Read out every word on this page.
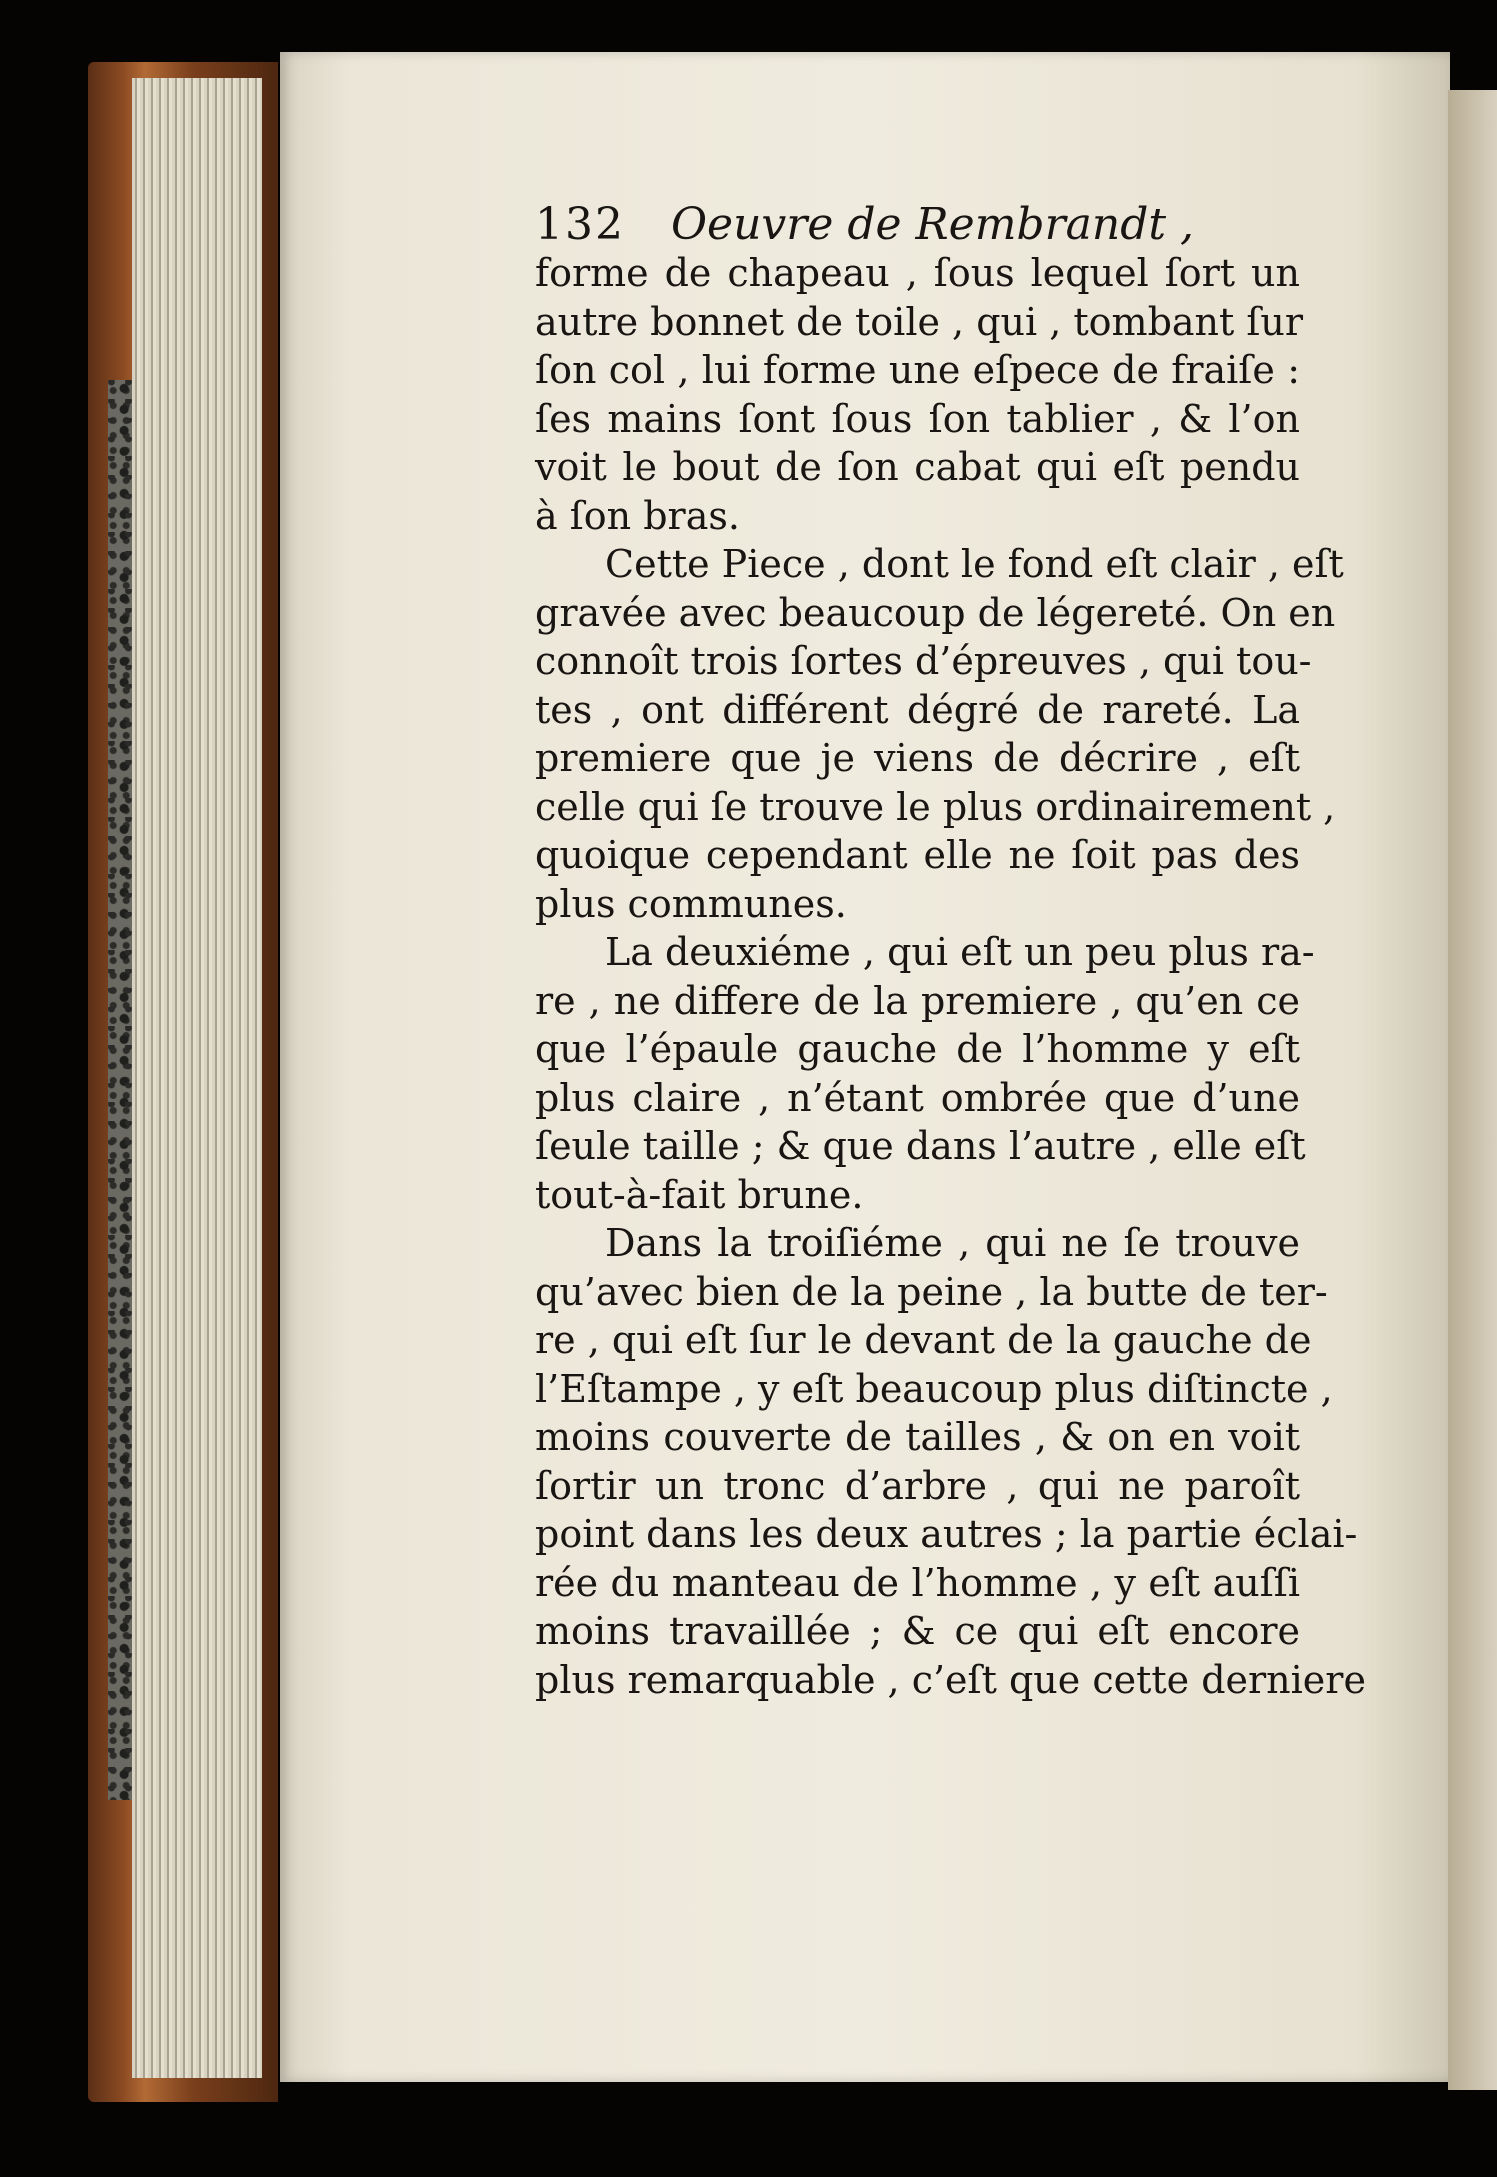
132 Oeuvre de Rembrandt ,
forme de chapeau , ſous lequel ſort un
autre bonnet de toile , qui , tombant ſur
ſon col , lui forme une eſpece de fraiſe :
ſes mains ſont ſous ſon tablier , & l’on
voit le bout de ſon cabat qui eſt pendu
à ſon bras.
Cette Piece , dont le fond eſt clair , eſt
gravée avec beaucoup de légereté. On en
connoît trois ſortes d’épreuves , qui tou-
tes , ont différent dégré de rareté. La
premiere que je viens de décrire , eſt
celle qui ſe trouve le plus ordinairement ,
quoique cependant elle ne ſoit pas des
plus communes.
La deuxiéme , qui eſt un peu plus ra-
re , ne differe de la premiere , qu’en ce
que l’épaule gauche de l’homme y eſt
plus claire , n’étant ombrée que d’une
ſeule taille ; & que dans l’autre , elle eſt
tout-à-fait brune.
Dans la troiſiéme , qui ne ſe trouve
qu’avec bien de la peine , la butte de ter-
re , qui eſt ſur le devant de la gauche de
l’Eſtampe , y eſt beaucoup plus diſtincte ,
moins couverte de tailles , & on en voit
ſortir un tronc d’arbre , qui ne paroît
point dans les deux autres ; la partie éclai-
rée du manteau de l’homme , y eſt auſſi
moins travaillée ; & ce qui eſt encore
plus remarquable , c’eſt que cette derniere
